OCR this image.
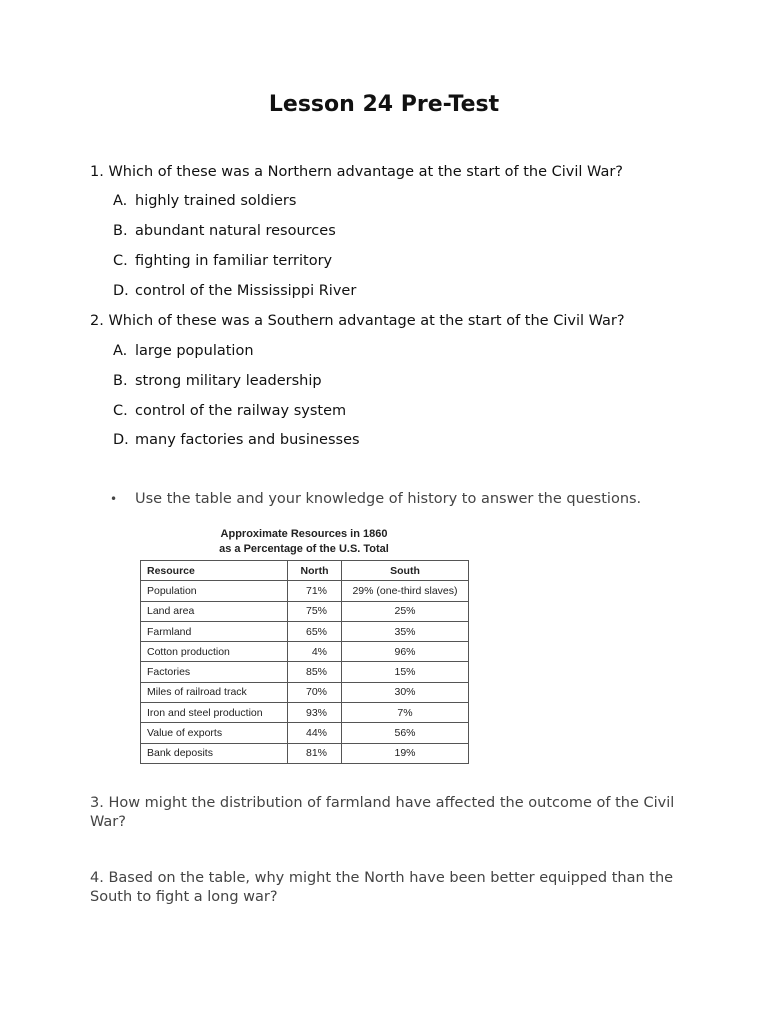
Lesson 24 Pre-Test
1. Which of these was a Northern advantage at the start of the Civil War?
A. highly trained soldiers
B. abundant natural resources
C. fighting in familiar territory
D. control of the Mississippi River
2. Which of these was a Southern advantage at the start of the Civil War?
A. large population
B. strong military leadership
C. control of the railway system
D. many factories and businesses
• Use the table and your knowledge of history to answer the questions.
Approximate Resources in 1860
as a Percentage of the U.S. Total
Resource	North	South
Population	71%	29% (one-third slaves)
Land area	75%	25%
Farmland	65%	35%
Cotton production	4%	96%
Factories	85%	15%
Miles of railroad track	70%	30%
Iron and steel production	93%	7%
Value of exports	44%	56%
Bank deposits	81%	19%
3. How might the distribution of farmland have affected the outcome of the Civil War?
4. Based on the table, why might the North have been better equipped than the South to fight a long war?
